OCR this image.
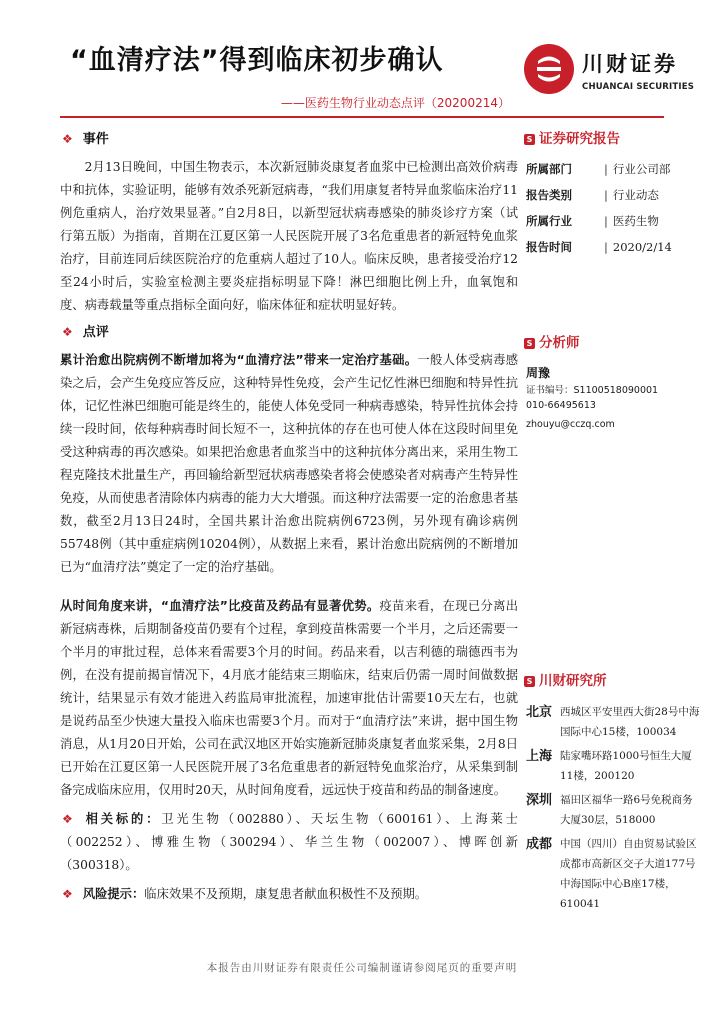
“血清疗法”得到临床初步确认
——医药生物行业动态点评（20200214）
川财证券
CHUANCAI SECURITIES
❖ 事件

2月13日晚间，中国生物表示，本次新冠肺炎康复者血浆中已检测出高效价病毒中和抗体，实验证明，能够有效杀死新冠病毒，“我们用康复者特异血浆临床治疗11例危重病人，治疗效果显著。”自2月8日，以新型冠状病毒感染的肺炎诊疗方案（试行第五版）为指南，首期在江夏区第一人民医院开展了3名危重患者的新冠特免血浆治疗，目前连同后续医院治疗的危重病人超过了10人。临床反映，患者接受治疗12至24小时后，实验室检测主要炎症指标明显下降！淋巴细胞比例上升，血氧饱和度、病毒载量等重点指标全面向好，临床体征和症状明显好转。

❖ 点评

累计治愈出院病例不断增加将为“血清疗法”带来一定治疗基础。一般人体受病毒感染之后，会产生免疫应答反应，这种特异性免疫，会产生记忆性淋巴细胞和特异性抗体，记忆性淋巴细胞可能是终生的，能使人体免受同一种病毒感染，特异性抗体会持续一段时间，依每种病毒时间长短不一，这种抗体的存在也可使人体在这段时间里免受这种病毒的再次感染。如果把治愈患者血浆当中的这种抗体分离出来，采用生物工程克隆技术批量生产，再回输给新型冠状病毒感染者将会使感染者对病毒产生特异性免疫，从而使患者清除体内病毒的能力大大增强。而这种疗法需要一定的治愈患者基数，截至2月13日24时，全国共累计治愈出院病例6723例，另外现有确诊病例55748例（其中重症病例10204例），从数据上来看，累计治愈出院病例的不断增加已为“血清疗法”奠定了一定的治疗基础。

从时间角度来讲，“血清疗法”比疫苗及药品有显著优势。疫苗来看，在现已分离出新冠病毒株，后期制备疫苗仍要有个过程，拿到疫苗株需要一个半月，之后还需要一个半月的审批过程，总体来看需要3个月的时间。药品来看，以吉利德的瑞德西韦为例，在没有提前揭盲情况下，4月底才能结束三期临床，结束后仍需一周时间做数据统计，结果显示有效才能进入药监局审批流程，加速审批估计需要10天左右，也就是说药品至少快速大量投入临床也需要3个月。而对于“血清疗法”来讲，据中国生物消息，从1月20日开始，公司在武汉地区开始实施新冠肺炎康复者血浆采集，2月8日已开始在江夏区第一人民医院开展了3名危重患者的新冠特免血浆治疗，从采集到制备完成临床应用，仅用时20天，从时间角度看，远远快于疫苗和药品的制备速度。

❖ 相关标的：卫光生物（002880）、天坛生物（600161）、上海莱士（002252）、博雅生物（300294）、华兰生物（002007）、博晖创新（300318）。

❖ 风险提示：临床效果不及预期，康复患者献血积极性不及预期。

S 证券研究报告
所属部门	| 行业公司部
报告类别	| 行业动态
所属行业	| 医药生物
报告时间	| 2020/2/14
S 分析师
周豫
证书编号：S1100518090001
010-66495613
zhouyu@cczq.com
S 川财研究所
北京 西城区平安里西大街28号中海国际中心15楼，100034
上海 陆家嘴环路1000号恒生大厦11楼，200120
深圳 福田区福华一路6号免税商务大厦30层，518000
成都 中国（四川）自由贸易试验区成都市高新区交子大道177号中海国际中心B座17楼，610041
本报告由川财证券有限责任公司编制谨请参阅尾页的重要声明
